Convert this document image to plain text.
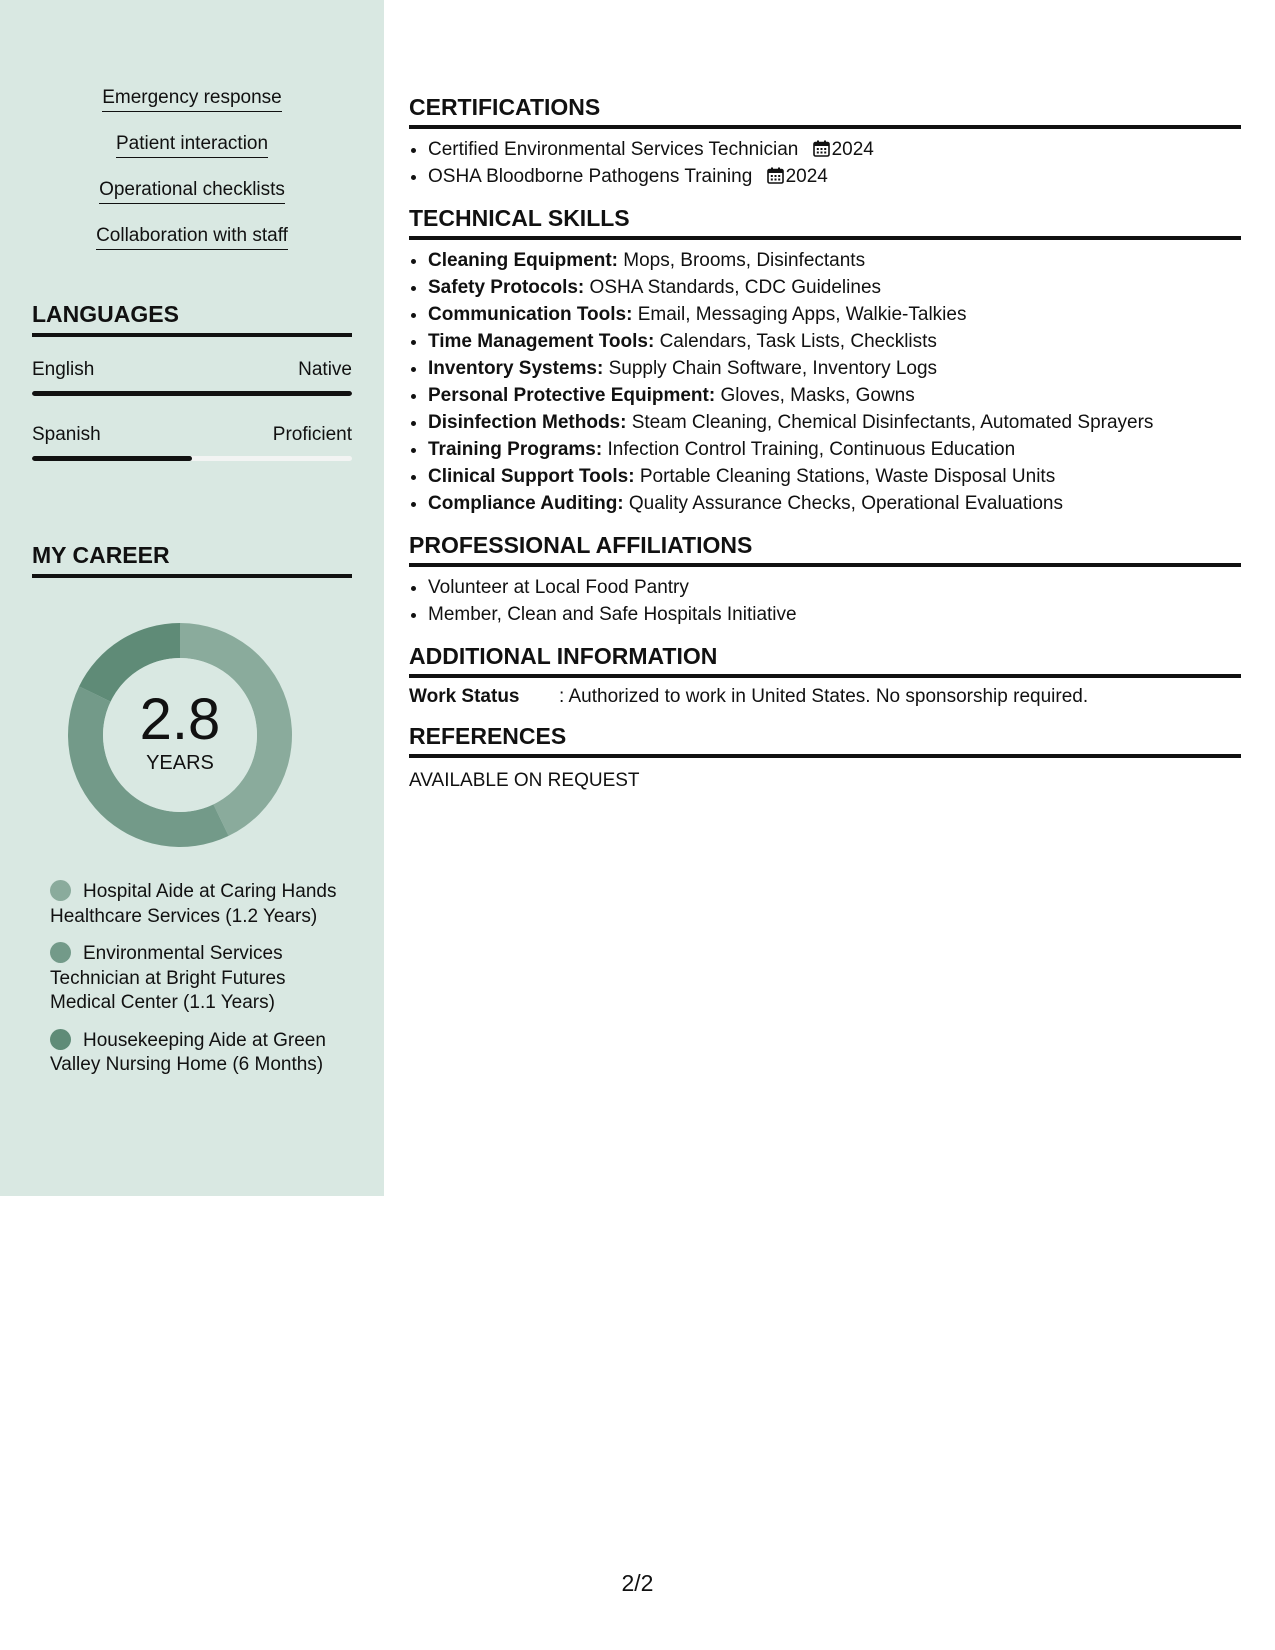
Emergency response
Patient interaction
Operational checklists
Collaboration with staff
LANGUAGES
English	Native
Spanish	Proficient
MY CAREER
2.8
YEARS
Hospital Aide at Caring Hands Healthcare Services (1.2 Years)
Environmental Services Technician at Bright Futures Medical Center (1.1 Years)
Housekeeping Aide at Green Valley Nursing Home (6 Months)
CERTIFICATIONS
• Certified Environmental Services Technician 2024
• OSHA Bloodborne Pathogens Training 2024
TECHNICAL SKILLS
• Cleaning Equipment: Mops, Brooms, Disinfectants
• Safety Protocols: OSHA Standards, CDC Guidelines
• Communication Tools: Email, Messaging Apps, Walkie-Talkies
• Time Management Tools: Calendars, Task Lists, Checklists
• Inventory Systems: Supply Chain Software, Inventory Logs
• Personal Protective Equipment: Gloves, Masks, Gowns
• Disinfection Methods: Steam Cleaning, Chemical Disinfectants, Automated Sprayers
• Training Programs: Infection Control Training, Continuous Education
• Clinical Support Tools: Portable Cleaning Stations, Waste Disposal Units
• Compliance Auditing: Quality Assurance Checks, Operational Evaluations
PROFESSIONAL AFFILIATIONS
• Volunteer at Local Food Pantry
• Member, Clean and Safe Hospitals Initiative
ADDITIONAL INFORMATION
Work Status	: Authorized to work in United States. No sponsorship required.
REFERENCES
AVAILABLE ON REQUEST
2/2
